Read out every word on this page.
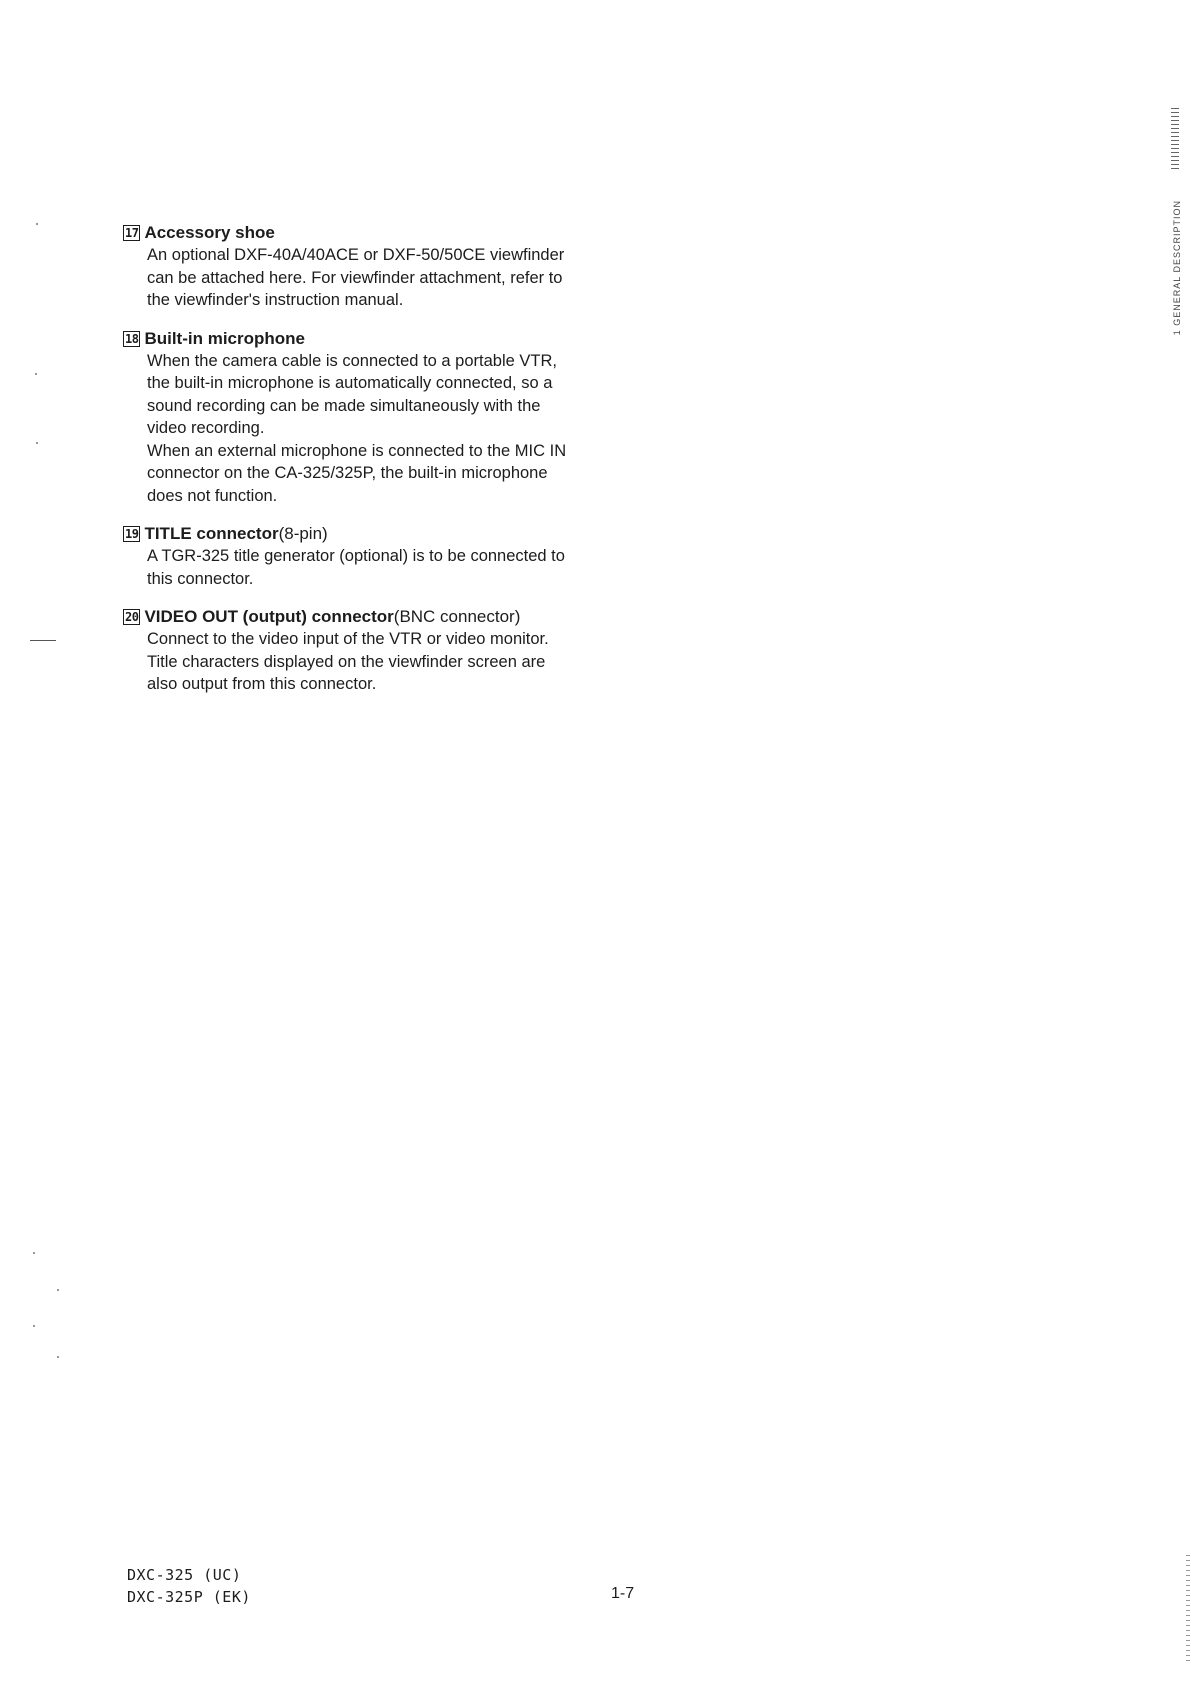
17 Accessory shoe
An optional DXF-40A/40ACE or DXF-50/50CE viewfinder
can be attached here. For viewfinder attachment, refer to
the viewfinder's instruction manual.
18 Built-in microphone
When the camera cable is connected to a portable VTR,
the built-in microphone is automatically connected, so a
sound recording can be made simultaneously with the
video recording.
When an external microphone is connected to the MIC IN
connector on the CA-325/325P, the built-in microphone
does not function.
19 TITLE connector (8-pin)
A TGR-325 title generator (optional) is to be connected to
this connector.
20 VIDEO OUT (output) connector (BNC connector)
Connect to the video input of the VTR or video monitor.
Title characters displayed on the viewfinder screen are
also output from this connector.
DXC-325 (UC)
DXC-325P (EK)	1-7
1 GENERAL DESCRIPTION
